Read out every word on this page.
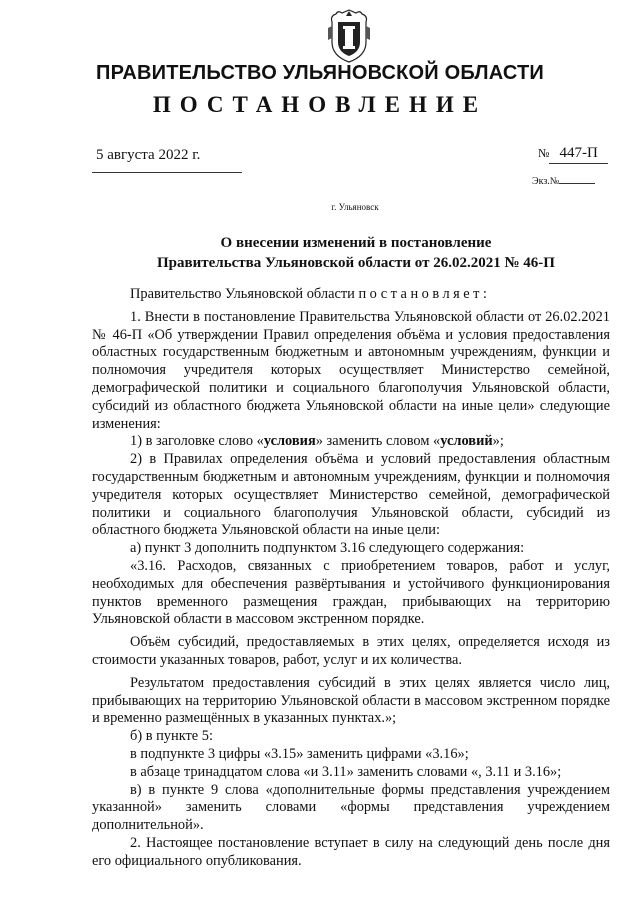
ПРАВИТЕЛЬСТВО УЛЬЯНОВСКОЙ ОБЛАСТИ
ПОСТАНОВЛЕНИЕ
5 августа 2022 г.	№ 447-П
Экз.№
г. Ульяновск
О внесении изменений в постановление
Правительства Ульяновской области от 26.02.2021 № 46-П

Правительство Ульяновской области постановляет:

1. Внести в постановление Правительства Ульяновской области от 26.02.2021 № 46-П «Об утверждении Правил определения объёма и условия предоставления областных государственным бюджетным и автономным учреждениям, функции и полномочия учредителя которых осуществляет Министерство семейной, демографической политики и социального благополучия Ульяновской области, субсидий из областного бюджета Ульяновской области на иные цели» следующие изменения:

1) в заголовке слово «условия» заменить словом «условий»;

2) в Правилах определения объёма и условий предоставления областным государственным бюджетным и автономным учреждениям, функции и полномочия учредителя которых осуществляет Министерство семейной, демографической политики и социального благополучия Ульяновской области, субсидий из областного бюджета Ульяновской области на иные цели:

а) пункт 3 дополнить подпунктом 3.16 следующего содержания:

«3.16. Расходов, связанных с приобретением товаров, работ и услуг, необходимых для обеспечения развёртывания и устойчивого функционирования пунктов временного размещения граждан, прибывающих на территорию Ульяновской области в массовом экстренном порядке.

Объём субсидий, предоставляемых в этих целях, определяется исходя из стоимости указанных товаров, работ, услуг и их количества.

Результатом предоставления субсидий в этих целях является число лиц, прибывающих на территорию Ульяновской области в массовом экстренном порядке и временно размещённых в указанных пунктах.»;

б) в пункте 5:

в подпункте 3 цифры «3.15» заменить цифрами «3.16»;

в абзаце тринадцатом слова «и 3.11» заменить словами «, 3.11 и 3.16»;

в) в пункте 9 слова «дополнительные формы представления учреждением указанной» заменить словами «формы представления учреждением дополнительной».

2. Настоящее постановление вступает в силу на следующий день после дня его официального опубликования.
